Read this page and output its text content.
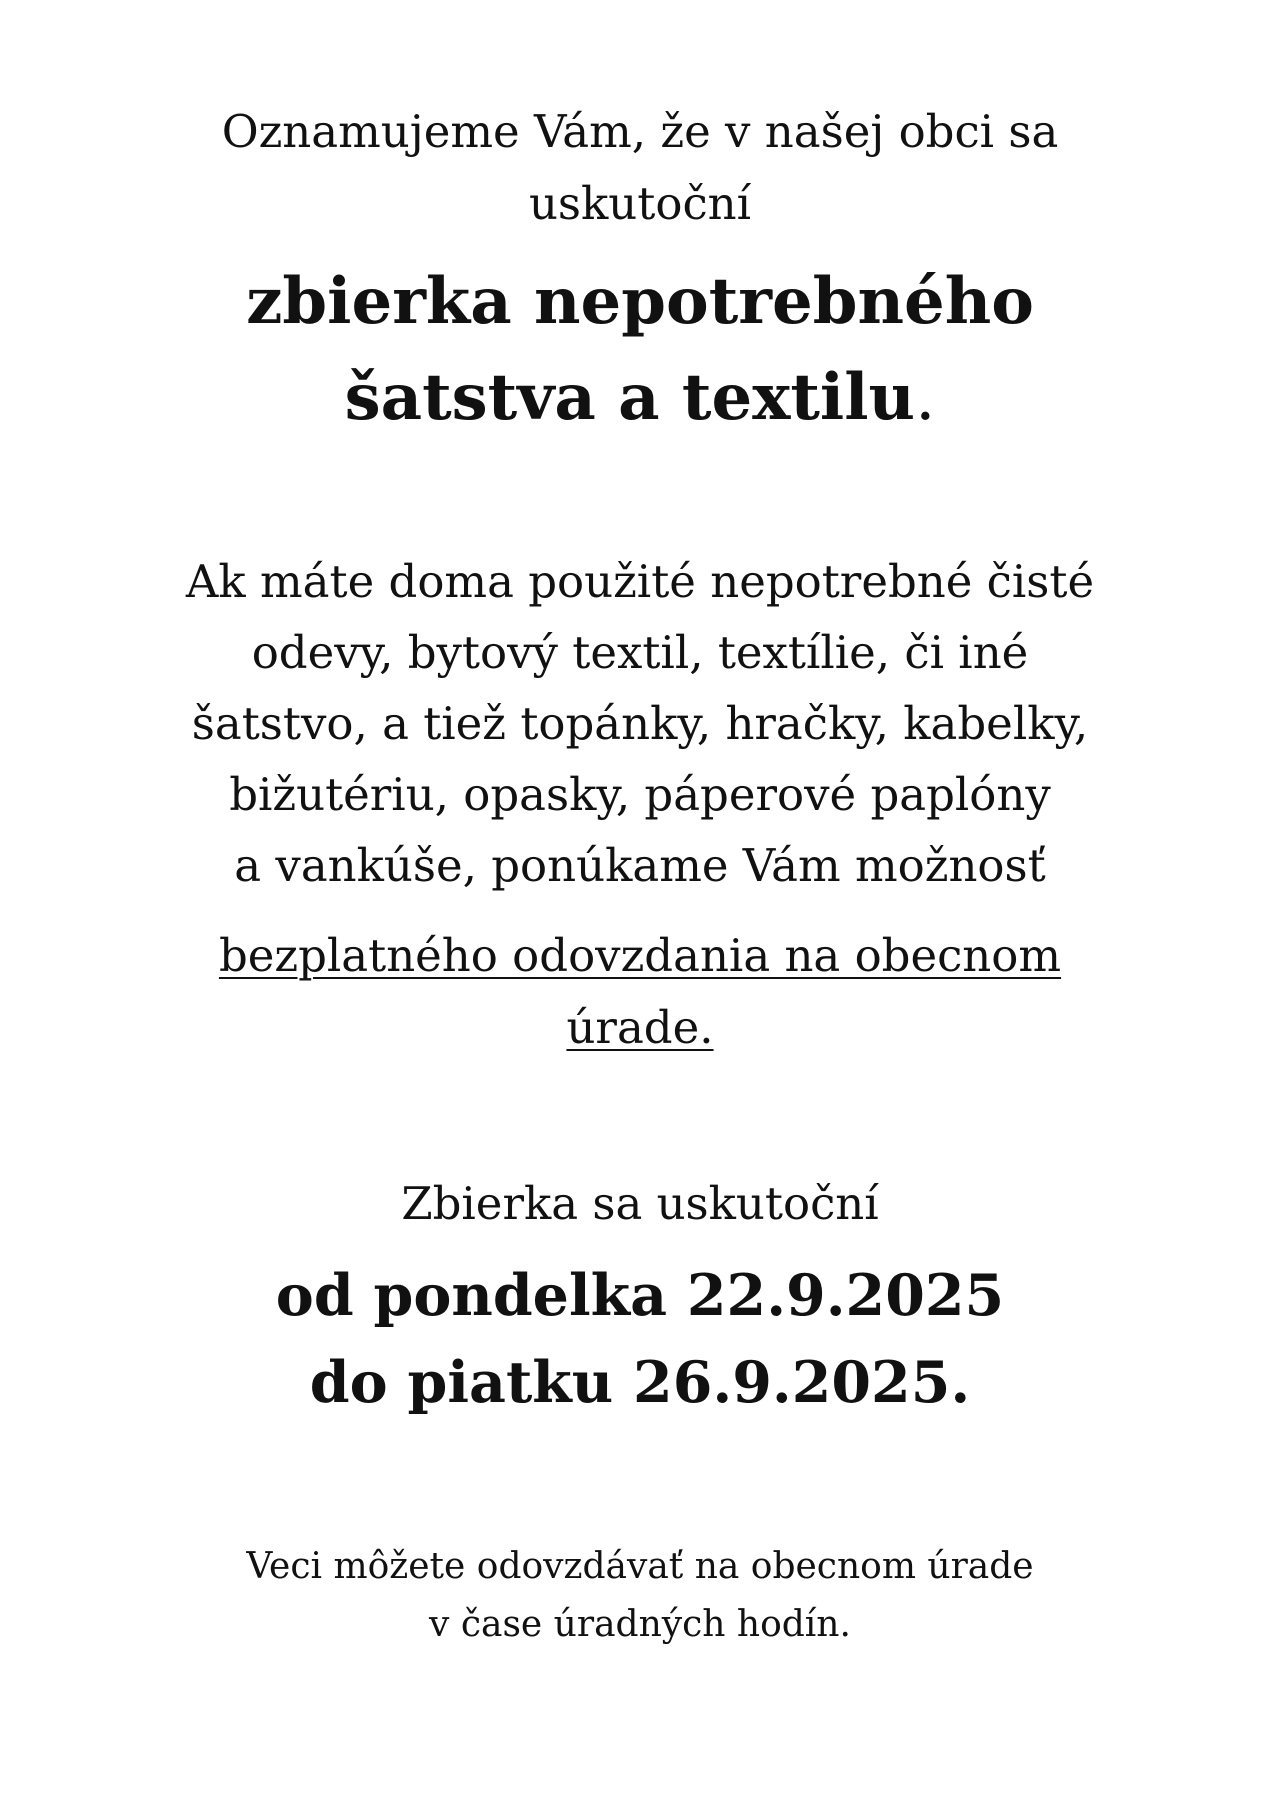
Oznamujeme Vám, že v našej obci sa
uskutoční
zbierka nepotrebného
šatstva a textilu.
Ak máte doma použité nepotrebné čisté
odevy, bytový textil, textílie, či iné
šatstvo, a tiež topánky, hračky, kabelky,
bižutériu, opasky, páperové paplóny
a vankúše, ponúkame Vám možnosť
bezplatného odovzdania na obecnom
úrade.
Zbierka sa uskutoční
od pondelka 22.9.2025
do piatku 26.9.2025.
Veci môžete odovzdávať na obecnom úrade
v čase úradných hodín.
